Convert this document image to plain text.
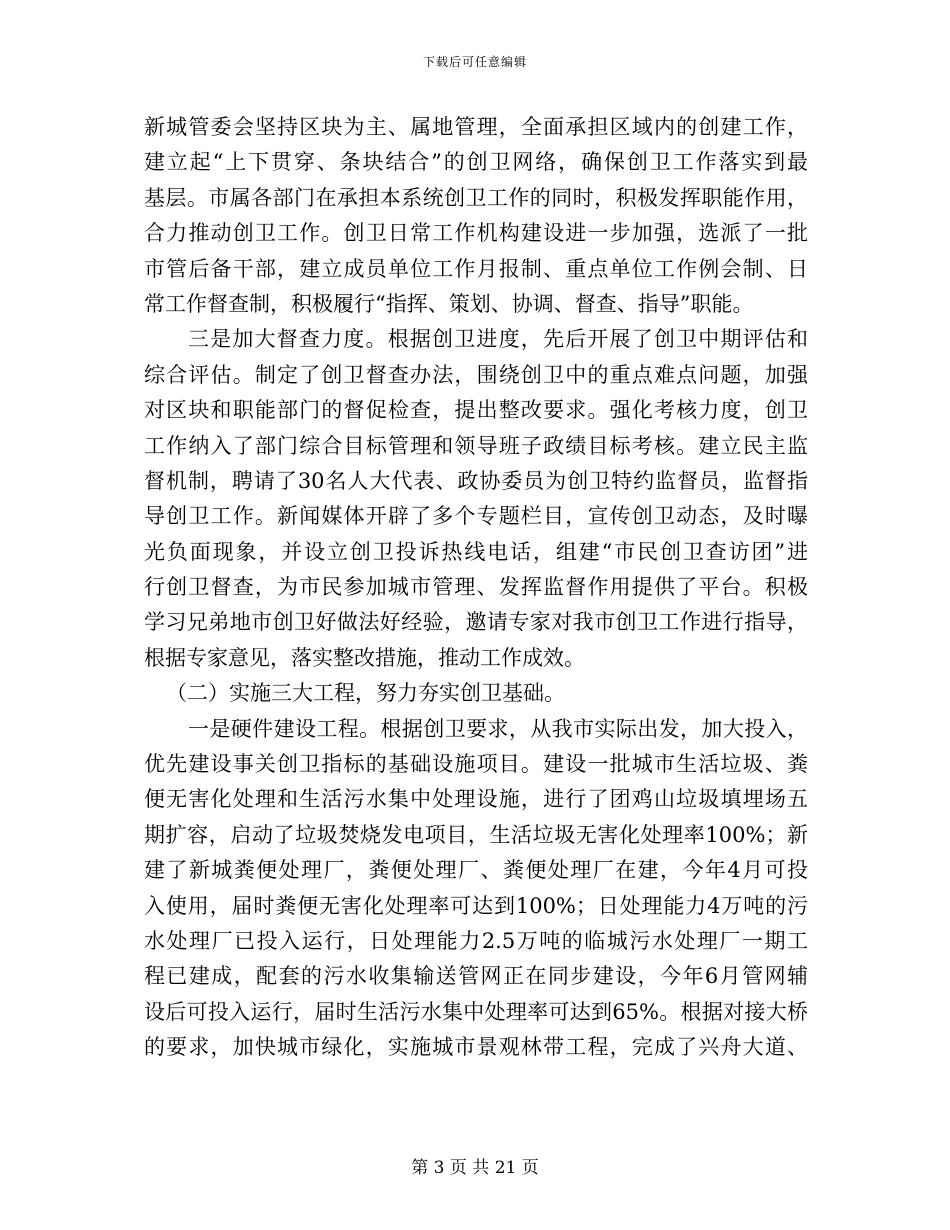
下载后可任意编辑
新城管委会坚持区块为主、属地管理，全面承担区域内的创建工作，
建立起“上下贯穿、条块结合”的创卫网络，确保创卫工作落实到最
基层。市属各部门在承担本系统创卫工作的同时，积极发挥职能作用，
合力推动创卫工作。创卫日常工作机构建设进一步加强，选派了一批
市管后备干部，建立成员单位工作月报制、重点单位工作例会制、日
常工作督查制，积极履行“指挥、策划、协调、督查、指导”职能。
三是加大督查力度。根据创卫进度，先后开展了创卫中期评估和
综合评估。制定了创卫督查办法，围绕创卫中的重点难点问题，加强
对区块和职能部门的督促检查，提出整改要求。强化考核力度，创卫
工作纳入了部门综合目标管理和领导班子政绩目标考核。建立民主监
督机制，聘请了30名人大代表、政协委员为创卫特约监督员，监督指
导创卫工作。新闻媒体开辟了多个专题栏目，宣传创卫动态，及时曝
光负面现象，并设立创卫投诉热线电话，组建“市民创卫查访团”进
行创卫督查，为市民参加城市管理、发挥监督作用提供了平台。积极
学习兄弟地市创卫好做法好经验，邀请专家对我市创卫工作进行指导，
根据专家意见，落实整改措施，推动工作成效。
（二）实施三大工程，努力夯实创卫基础。
一是硬件建设工程。根据创卫要求，从我市实际出发，加大投入，
优先建设事关创卫指标的基础设施项目。建设一批城市生活垃圾、粪
便无害化处理和生活污水集中处理设施，进行了团鸡山垃圾填埋场五
期扩容，启动了垃圾焚烧发电项目，生活垃圾无害化处理率100%；新
建了新城粪便处理厂，粪便处理厂、粪便处理厂在建，今年4月可投
入使用，届时粪便无害化处理率可达到100%；日处理能力4万吨的污
水处理厂已投入运行，日处理能力2.5万吨的临城污水处理厂一期工
程已建成，配套的污水收集输送管网正在同步建设，今年6月管网辅
设后可投入运行，届时生活污水集中处理率可达到65%。根据对接大桥
的要求，加快城市绿化，实施城市景观林带工程，完成了兴舟大道、
第 3 页 共 21 页
